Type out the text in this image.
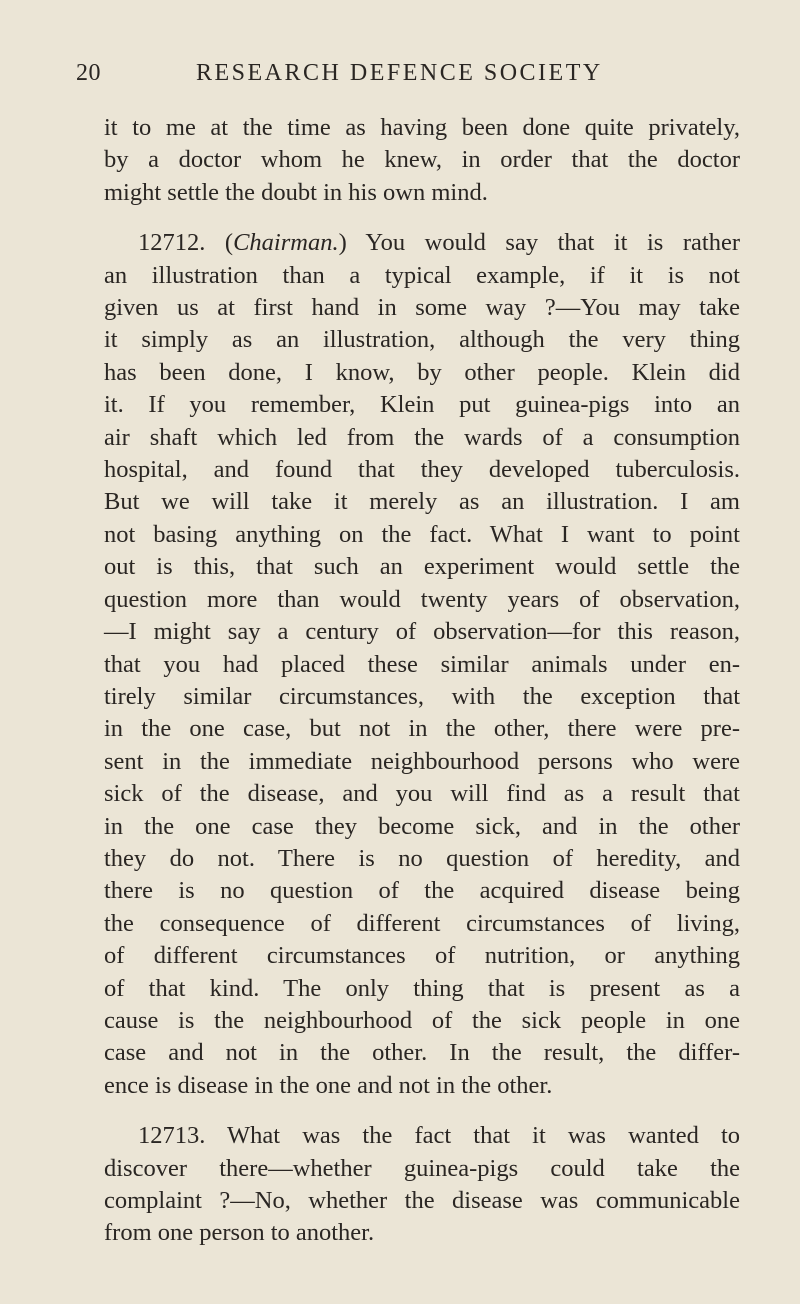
20	RESEARCH DEFENCE SOCIETY
it to me at the time as having been done quite privately,
by a doctor whom he knew, in order that the doctor
might settle the doubt in his own mind.
12712. (Chairman.) You would say that it is rather
an illustration than a typical example, if it is not
given us at first hand in some way ?—You may take
it simply as an illustration, although the very thing
has been done, I know, by other people. Klein did
it. If you remember, Klein put guinea-pigs into an
air shaft which led from the wards of a consumption
hospital, and found that they developed tuberculosis.
But we will take it merely as an illustration. I am
not basing anything on the fact. What I want to point
out is this, that such an experiment would settle the
question more than would twenty years of observation,
—I might say a century of observation—for this reason,
that you had placed these similar animals under en-
tirely similar circumstances, with the exception that
in the one case, but not in the other, there were pre-
sent in the immediate neighbourhood persons who were
sick of the disease, and you will find as a result that
in the one case they become sick, and in the other
they do not. There is no question of heredity, and
there is no question of the acquired disease being
the consequence of different circumstances of living,
of different circumstances of nutrition, or anything
of that kind. The only thing that is present as a
cause is the neighbourhood of the sick people in one
case and not in the other. In the result, the differ-
ence is disease in the one and not in the other.
12713. What was the fact that it was wanted to
discover there—whether guinea-pigs could take the
complaint ?—No, whether the disease was communicable
from one person to another.
